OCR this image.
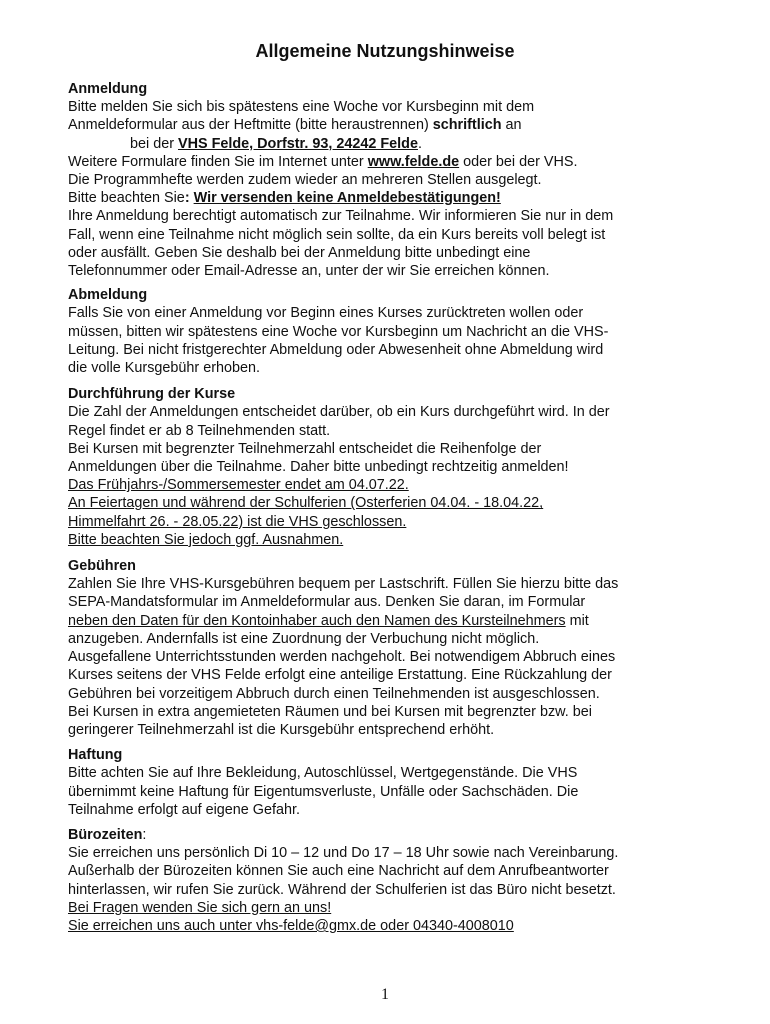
Allgemeine Nutzungshinweise
Anmeldung
Bitte melden Sie sich bis spätestens eine Woche vor Kursbeginn mit dem
Anmeldeformular aus der Heftmitte (bitte heraustrennen) schriftlich an
bei der VHS Felde, Dorfstr. 93, 24242 Felde.
Weitere Formulare finden Sie im Internet unter www.felde.de oder bei der VHS.
Die Programmhefte werden zudem wieder an mehreren Stellen ausgelegt.
Bitte beachten Sie: Wir versenden keine Anmeldebestätigungen!
Ihre Anmeldung berechtigt automatisch zur Teilnahme. Wir informieren Sie nur in dem
Fall, wenn eine Teilnahme nicht möglich sein sollte, da ein Kurs bereits voll belegt ist
oder ausfällt. Geben Sie deshalb bei der Anmeldung bitte unbedingt eine
Telefonnummer oder Email-Adresse an, unter der wir Sie erreichen können.
Abmeldung
Falls Sie von einer Anmeldung vor Beginn eines Kurses zurücktreten wollen oder
müssen, bitten wir spätestens eine Woche vor Kursbeginn um Nachricht an die VHS-
Leitung. Bei nicht fristgerechter Abmeldung oder Abwesenheit ohne Abmeldung wird
die volle Kursgebühr erhoben.
Durchführung der Kurse
Die Zahl der Anmeldungen entscheidet darüber, ob ein Kurs durchgeführt wird. In der
Regel findet er ab 8 Teilnehmenden statt.
Bei Kursen mit begrenzter Teilnehmerzahl entscheidet die Reihenfolge der
Anmeldungen über die Teilnahme. Daher bitte unbedingt rechtzeitig anmelden!
Das Frühjahrs-/Sommersemester endet am 04.07.22.
An Feiertagen und während der Schulferien (Osterferien 04.04. - 18.04.22,
Himmelfahrt 26. - 28.05.22) ist die VHS geschlossen.
Bitte beachten Sie jedoch ggf. Ausnahmen.
Gebühren
Zahlen Sie Ihre VHS-Kursgebühren bequem per Lastschrift. Füllen Sie hierzu bitte das
SEPA-Mandatsformular im Anmeldeformular aus. Denken Sie daran, im Formular
neben den Daten für den Kontoinhaber auch den Namen des Kursteilnehmers mit
anzugeben. Andernfalls ist eine Zuordnung der Verbuchung nicht möglich.
Ausgefallene Unterrichtsstunden werden nachgeholt. Bei notwendigem Abbruch eines
Kurses seitens der VHS Felde erfolgt eine anteilige Erstattung. Eine Rückzahlung der
Gebühren bei vorzeitigem Abbruch durch einen Teilnehmenden ist ausgeschlossen.
Bei Kursen in extra angemieteten Räumen und bei Kursen mit begrenzter bzw. bei
geringerer Teilnehmerzahl ist die Kursgebühr entsprechend erhöht.
Haftung
Bitte achten Sie auf Ihre Bekleidung, Autoschlüssel, Wertgegenstände. Die VHS
übernimmt keine Haftung für Eigentumsverluste, Unfälle oder Sachschäden. Die
Teilnahme erfolgt auf eigene Gefahr.
Bürozeiten:
Sie erreichen uns persönlich Di 10 – 12 und Do 17 – 18 Uhr sowie nach Vereinbarung.
Außerhalb der Bürozeiten können Sie auch eine Nachricht auf dem Anrufbeantworter
hinterlassen, wir rufen Sie zurück. Während der Schulferien ist das Büro nicht besetzt.
Bei Fragen wenden Sie sich gern an uns!
Sie erreichen uns auch unter vhs-felde@gmx.de oder 04340-4008010
1
